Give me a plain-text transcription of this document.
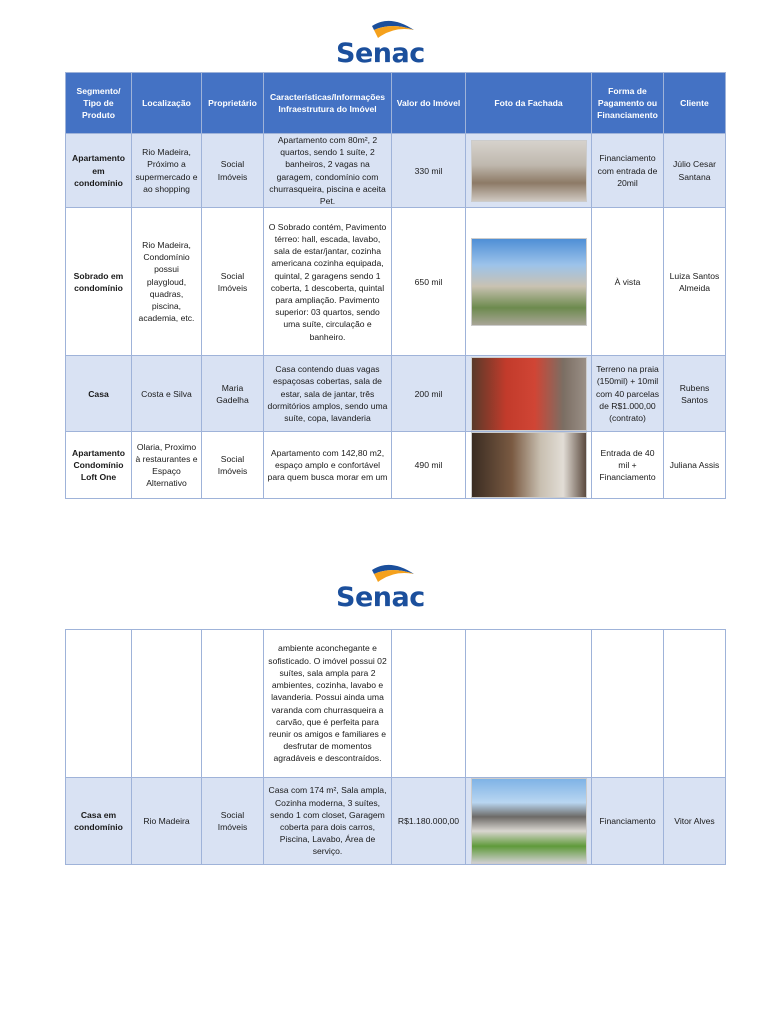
Senac
Segmento/ Tipo de Produto	Localização	Proprietário	Características/Informações Infraestrutura do Imóvel	Valor do Imóvel	Foto da Fachada	Forma de Pagamento ou Financiamento	Cliente
Apartamento em condomínio	Rio Madeira, Próximo a supermercado e ao shopping	Social Imóveis	Apartamento com 80m², 2 quartos, sendo 1 suíte, 2 banheiros, 2 vagas na garagem, condomínio com churrasqueira, piscina e aceita Pet.	330 mil		Financiamento com entrada de 20mil	Júlio Cesar Santana
Sobrado em condomínio	Rio Madeira, Condomínio possui playgloud, quadras, piscina, academia, etc.	Social Imóveis	O Sobrado contém, Pavimento térreo: hall, escada, lavabo, sala de estar/jantar, cozinha americana cozinha equipada, quintal, 2 garagens sendo 1 coberta, 1 descoberta, quintal para ampliação. Pavimento superior: 03 quartos, sendo uma suíte, circulação e banheiro.	650 mil		À vista	Luiza Santos Almeida
Casa	Costa e Silva	Maria Gadelha	Casa contendo duas vagas espaçosas cobertas, sala de estar, sala de jantar, três dormitórios amplos, sendo uma suíte, copa, lavanderia	200 mil		Terreno na praia (150mil) + 10mil com 40 parcelas de R$1.000,00 (contrato)	Rubens Santos
Apartamento Condomínio Loft One	Olaria, Proximo à restaurantes e Espaço Alternativo	Social Imóveis	Apartamento com 142,80 m2, espaço amplo e confortável para quem busca morar em um	490 mil		Entrada de 40 mil + Financiamento	Juliana Assis
Senac
			ambiente aconchegante e sofisticado. O imóvel possui 02 suítes, sala ampla para 2 ambientes, cozinha, lavabo e lavanderia. Possui ainda uma varanda com churrasqueira a carvão, que é perfeita para reunir os amigos e familiares e desfrutar de momentos agradáveis e descontraídos.				
Casa em condomínio	Rio Madeira	Social Imóveis	Casa com 174 m², Sala ampla, Cozinha moderna, 3 suítes, sendo 1 com closet, Garagem coberta para dois carros, Piscina, Lavabo, Área de serviço.	R$1.180.000,00		Financiamento	Vitor Alves
